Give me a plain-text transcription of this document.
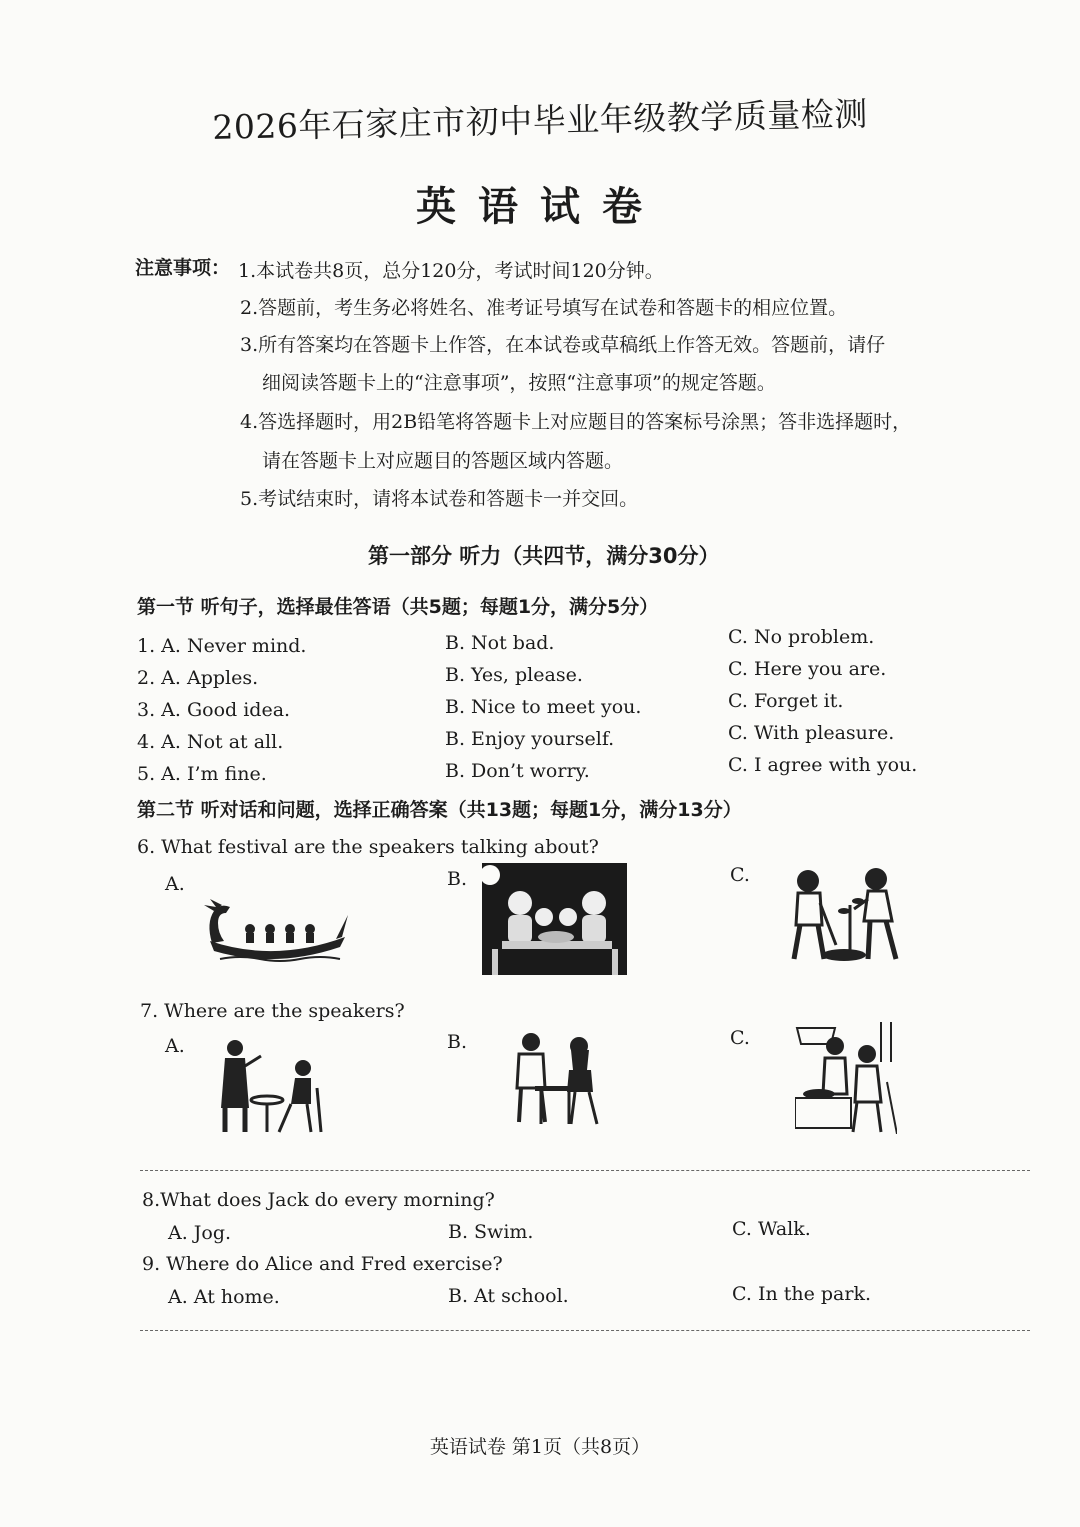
2026年石家庄市初中毕业年级教学质量检测
英语试卷
注意事项： 1.本试卷共8页，总分120分，考试时间120分钟。
2.答题前，考生务必将姓名、准考证号填写在试卷和答题卡的相应位置。
3.所有答案均在答题卡上作答，在本试卷或草稿纸上作答无效。答题前，请仔
细阅读答题卡上的“注意事项”，按照“注意事项”的规定答题。
4.答选择题时，用2B铅笔将答题卡上对应题目的答案标号涂黑；答非选择题时，
请在答题卡上对应题目的答题区域内答题。
5.考试结束时，请将本试卷和答题卡一并交回。
第一部分 听力（共四节，满分30分）
第一节 听句子，选择最佳答语（共5题；每题1分，满分5分）
1. A. Never mind.	B. Not bad.	C. No problem.
2. A. Apples.	B. Yes, please.	C. Here you are.
3. A. Good idea.	B. Nice to meet you.	C. Forget it.
4. A. Not at all.	B. Enjoy yourself.	C. With pleasure.
5. A. I’m fine.	B. Don’t worry.	C. I agree with you.
第二节 听对话和问题，选择正确答案（共13题；每题1分，满分13分）
6. What festival are the speakers talking about?
A.	B.	C.
7. Where are the speakers?
A.	B.	C.
8.What does Jack do every morning?
A. Jog.	B. Swim.	C. Walk.
9. Where do Alice and Fred exercise?
A. At home.	B. At school.	C. In the park.
英语试卷 第1页（共8页）
